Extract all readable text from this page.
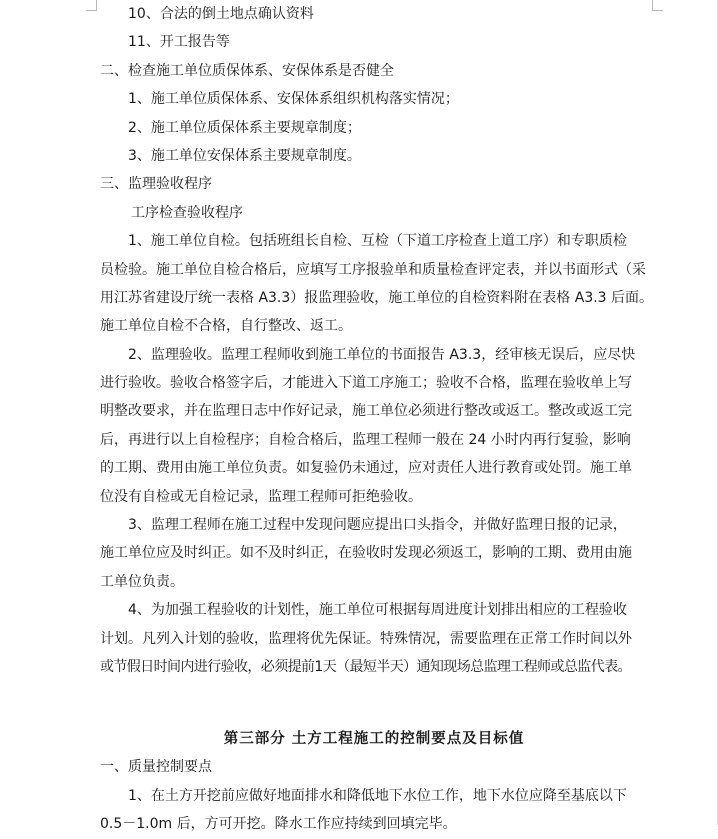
10、合法的倒土地点确认资料
11、开工报告等
二、检查施工单位质保体系、安保体系是否健全
1、施工单位质保体系、安保体系组织机构落实情况；
2、施工单位质保体系主要规章制度；
3、施工单位安保体系主要规章制度。
三、监理验收程序
工序检查验收程序
1、施工单位自检。包括班组长自检、互检（下道工序检查上道工序）和专职质检
员检验。施工单位自检合格后，应填写工序报验单和质量检查评定表，并以书面形式（采
用江苏省建设厅统一表格 A3.3）报监理验收，施工单位的自检资料附在表格 A3.3 后面。
施工单位自检不合格，自行整改、返工。
2、监理验收。监理工程师收到施工单位的书面报告 A3.3，经审核无误后，应尽快
进行验收。验收合格签字后，才能进入下道工序施工；验收不合格，监理在验收单上写
明整改要求，并在监理日志中作好记录，施工单位必须进行整改或返工。整改或返工完
后，再进行以上自检程序；自检合格后，监理工程师一般在 24 小时内再行复验，影响
的工期、费用由施工单位负责。如复验仍未通过，应对责任人进行教育或处罚。施工单
位没有自检或无自检记录，监理工程师可拒绝验收。
3、监理工程师在施工过程中发现问题应提出口头指令，并做好监理日报的记录，
施工单位应及时纠正。如不及时纠正，在验收时发现必须返工，影响的工期、费用由施
工单位负责。
4、为加强工程验收的计划性，施工单位可根据每周进度计划排出相应的工程验收
计划。凡列入计划的验收，监理将优先保证。特殊情况，需要监理在正常工作时间以外
或节假日时间内进行验收，必须提前1天（最短半天）通知现场总监理工程师或总监代表。
第三部分 土方工程施工的控制要点及目标值
一、质量控制要点
1、在土方开挖前应做好地面排水和降低地下水位工作，地下水位应降至基底以下
0.5－1.0m 后，方可开挖。降水工作应持续到回填完毕。
